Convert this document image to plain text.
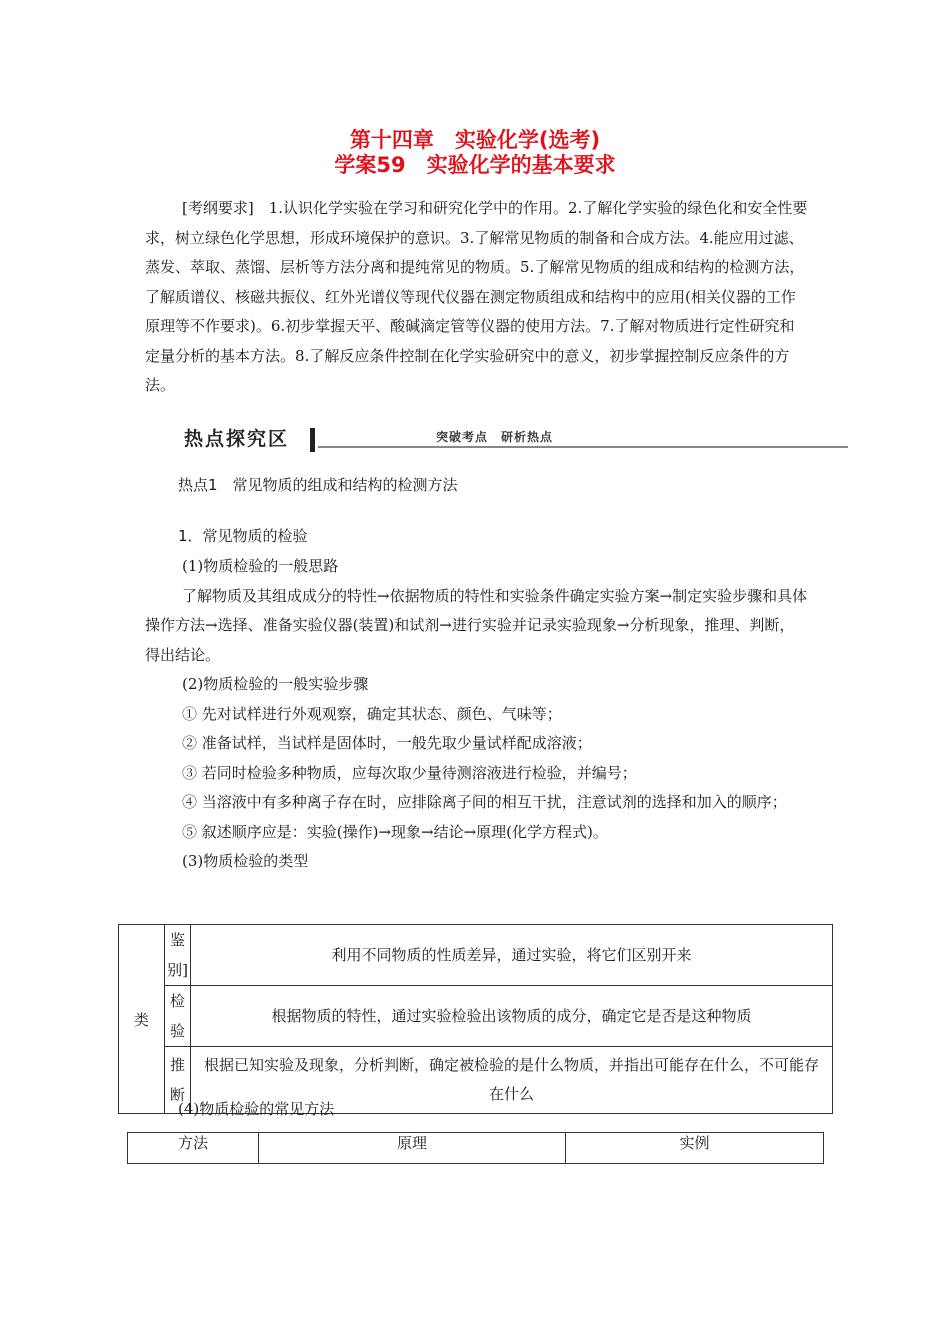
第十四章　实验化学(选考)
学案59　实验化学的基本要求

[考纲要求]　1.认识化学实验在学习和研究化学中的作用。2.了解化学实验的绿色化和安全性要求，树立绿色化学思想，形成环境保护的意识。3.了解常见物质的制备和合成方法。4.能应用过滤、蒸发、萃取、蒸馏、层析等方法分离和提纯常见的物质。5.了解常见物质的组成和结构的检测方法，了解质谱仪、核磁共振仪、红外光谱仪等现代仪器在测定物质组成和结构中的应用(相关仪器的工作原理等不作要求)。6.初步掌握天平、酸碱滴定管等仪器的使用方法。7.了解对物质进行定性研究和定量分析的基本方法。8.了解反应条件控制在化学实验研究中的意义，初步掌握控制反应条件的方法。

热点探究区	突破考点　研析热点
热点1　常见物质的组成和结构的检测方法
1．常见物质的检验

(1)物质检验的一般思路

了解物质及其组成成分的特性→依据物质的特性和实验条件确定实验方案→制定实验步骤和具体操作方法→选择、准备实验仪器(装置)和试剂→进行实验并记录实验现象→分析现象，推理、判断，得出结论。

(2)物质检验的一般实验步骤

① 先对试样进行外观观察，确定其状态、颜色、气味等；

② 准备试样，当试样是固体时，一般先取少量试样配成溶液；

③ 若同时检验多种物质，应每次取少量待测溶液进行检验，并编号；

④ 当溶液中有多种离子存在时，应排除离子间的相互干扰，注意试剂的选择和加入的顺序；

⑤ 叙述顺序应是：实验(操作)→现象→结论→原理(化学方程式)。

(3)物质检验的类型

类	鉴别]	利用不同物质的性质差异，通过实验，将它们区别开来
	检验	根据物质的特性，通过实验检验出该物质的成分，确定它是否是这种物质
	推断	根据已知实验及现象，分析判断，确定被检验的是什么物质，并指出可能存在什么，不可能存在什么
(4)物质检验的常见方法
方法	原理	实例
